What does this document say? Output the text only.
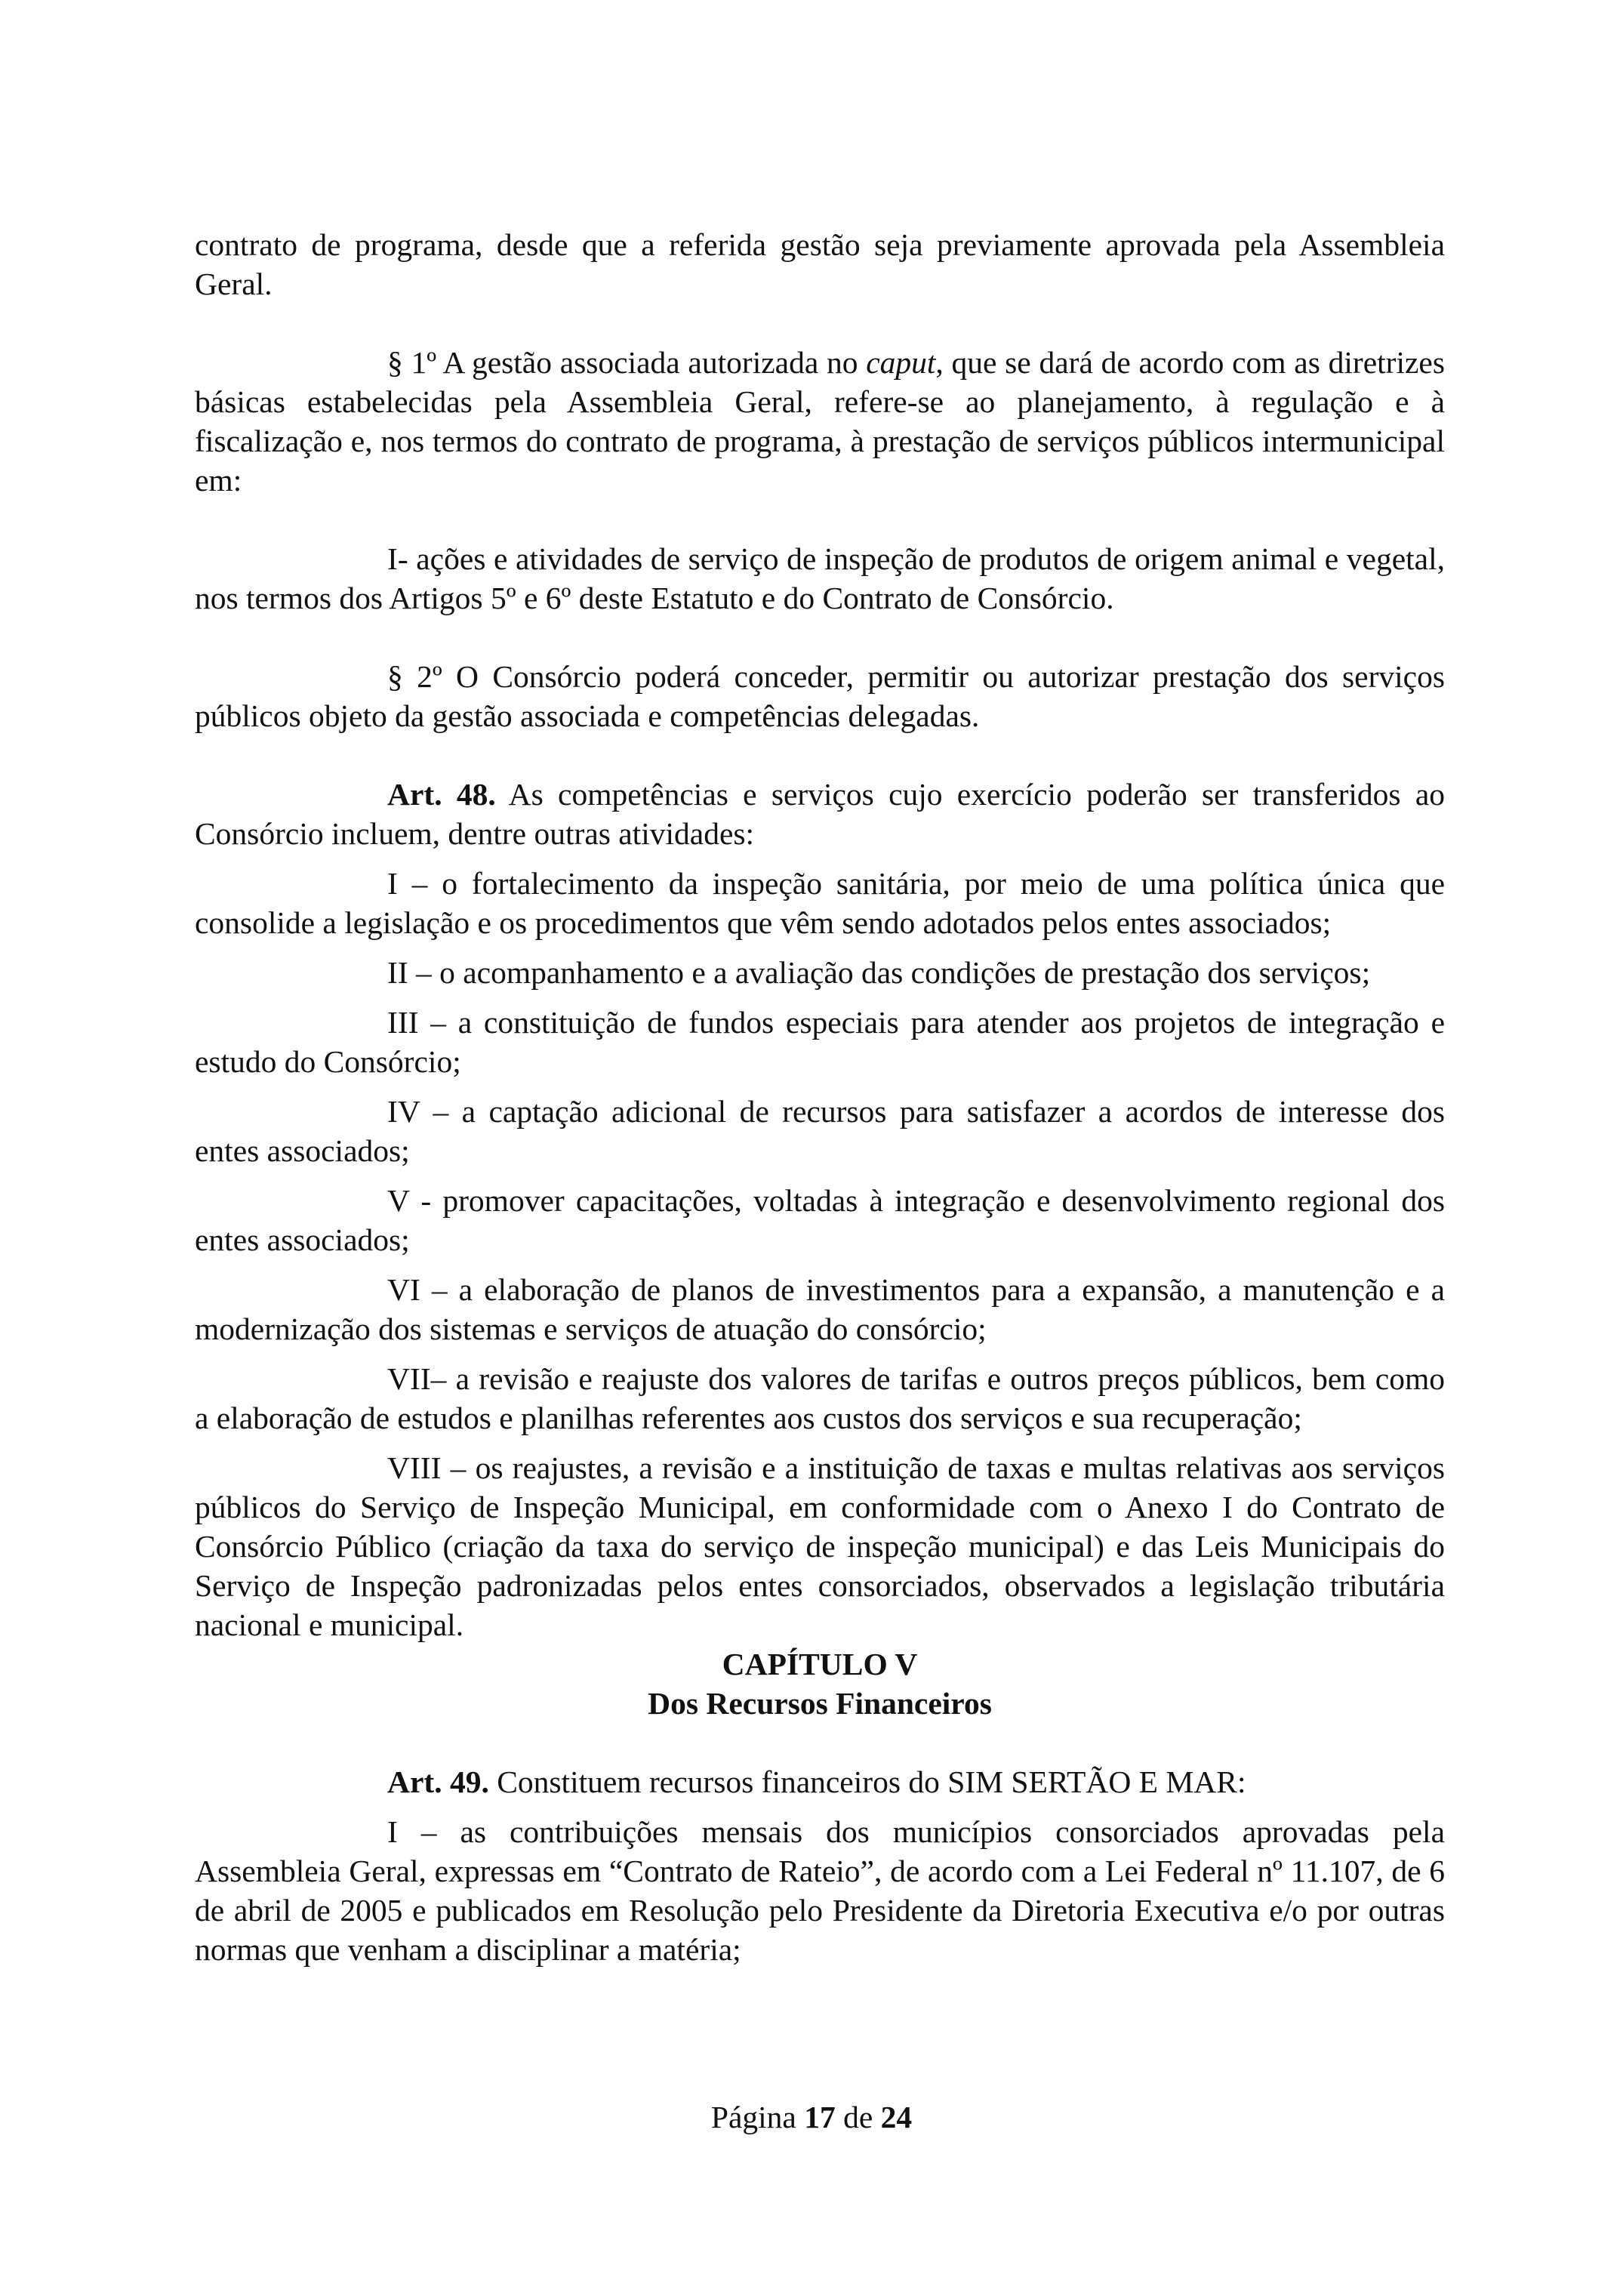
contrato de programa, desde que a referida gestão seja previamente aprovada pela Assembleia Geral.

§ 1º A gestão associada autorizada no caput, que se dará de acordo com as diretrizes básicas estabelecidas pela Assembleia Geral, refere-se ao planejamento, à regulação e à fiscalização e, nos termos do contrato de programa, à prestação de serviços públicos intermunicipal em:

I- ações e atividades de serviço de inspeção de produtos de origem animal e vegetal, nos termos dos Artigos 5º e 6º deste Estatuto e do Contrato de Consórcio.

§ 2º O Consórcio poderá conceder, permitir ou autorizar prestação dos serviços públicos objeto da gestão associada e competências delegadas.

Art. 48. As competências e serviços cujo exercício poderão ser transferidos ao Consórcio incluem, dentre outras atividades:

I – o fortalecimento da inspeção sanitária, por meio de uma política única que consolide a legislação e os procedimentos que vêm sendo adotados pelos entes associados;

II – o acompanhamento e a avaliação das condições de prestação dos serviços;

III – a constituição de fundos especiais para atender aos projetos de integração e estudo do Consórcio;

IV – a captação adicional de recursos para satisfazer a acordos de interesse dos entes associados;

V - promover capacitações, voltadas à integração e desenvolvimento regional dos entes associados;

VI – a elaboração de planos de investimentos para a expansão, a manutenção e a modernização dos sistemas e serviços de atuação do consórcio;

VII– a revisão e reajuste dos valores de tarifas e outros preços públicos, bem como a elaboração de estudos e planilhas referentes aos custos dos serviços e sua recuperação;

VIII – os reajustes, a revisão e a instituição de taxas e multas relativas aos serviços públicos do Serviço de Inspeção Municipal, em conformidade com o Anexo I do Contrato de Consórcio Público (criação da taxa do serviço de inspeção municipal) e das Leis Municipais do Serviço de Inspeção padronizadas pelos entes consorciados, observados a legislação tributária nacional e municipal.

CAPÍTULO V

Dos Recursos Financeiros

Art. 49. Constituem recursos financeiros do SIM SERTÃO E MAR:

I – as contribuições mensais dos municípios consorciados aprovadas pela Assembleia Geral, expressas em “Contrato de Rateio”, de acordo com a Lei Federal nº 11.107, de 6 de abril de 2005 e publicados em Resolução pelo Presidente da Diretoria Executiva e/o por outras normas que venham a disciplinar a matéria;

Página 17 de 24
